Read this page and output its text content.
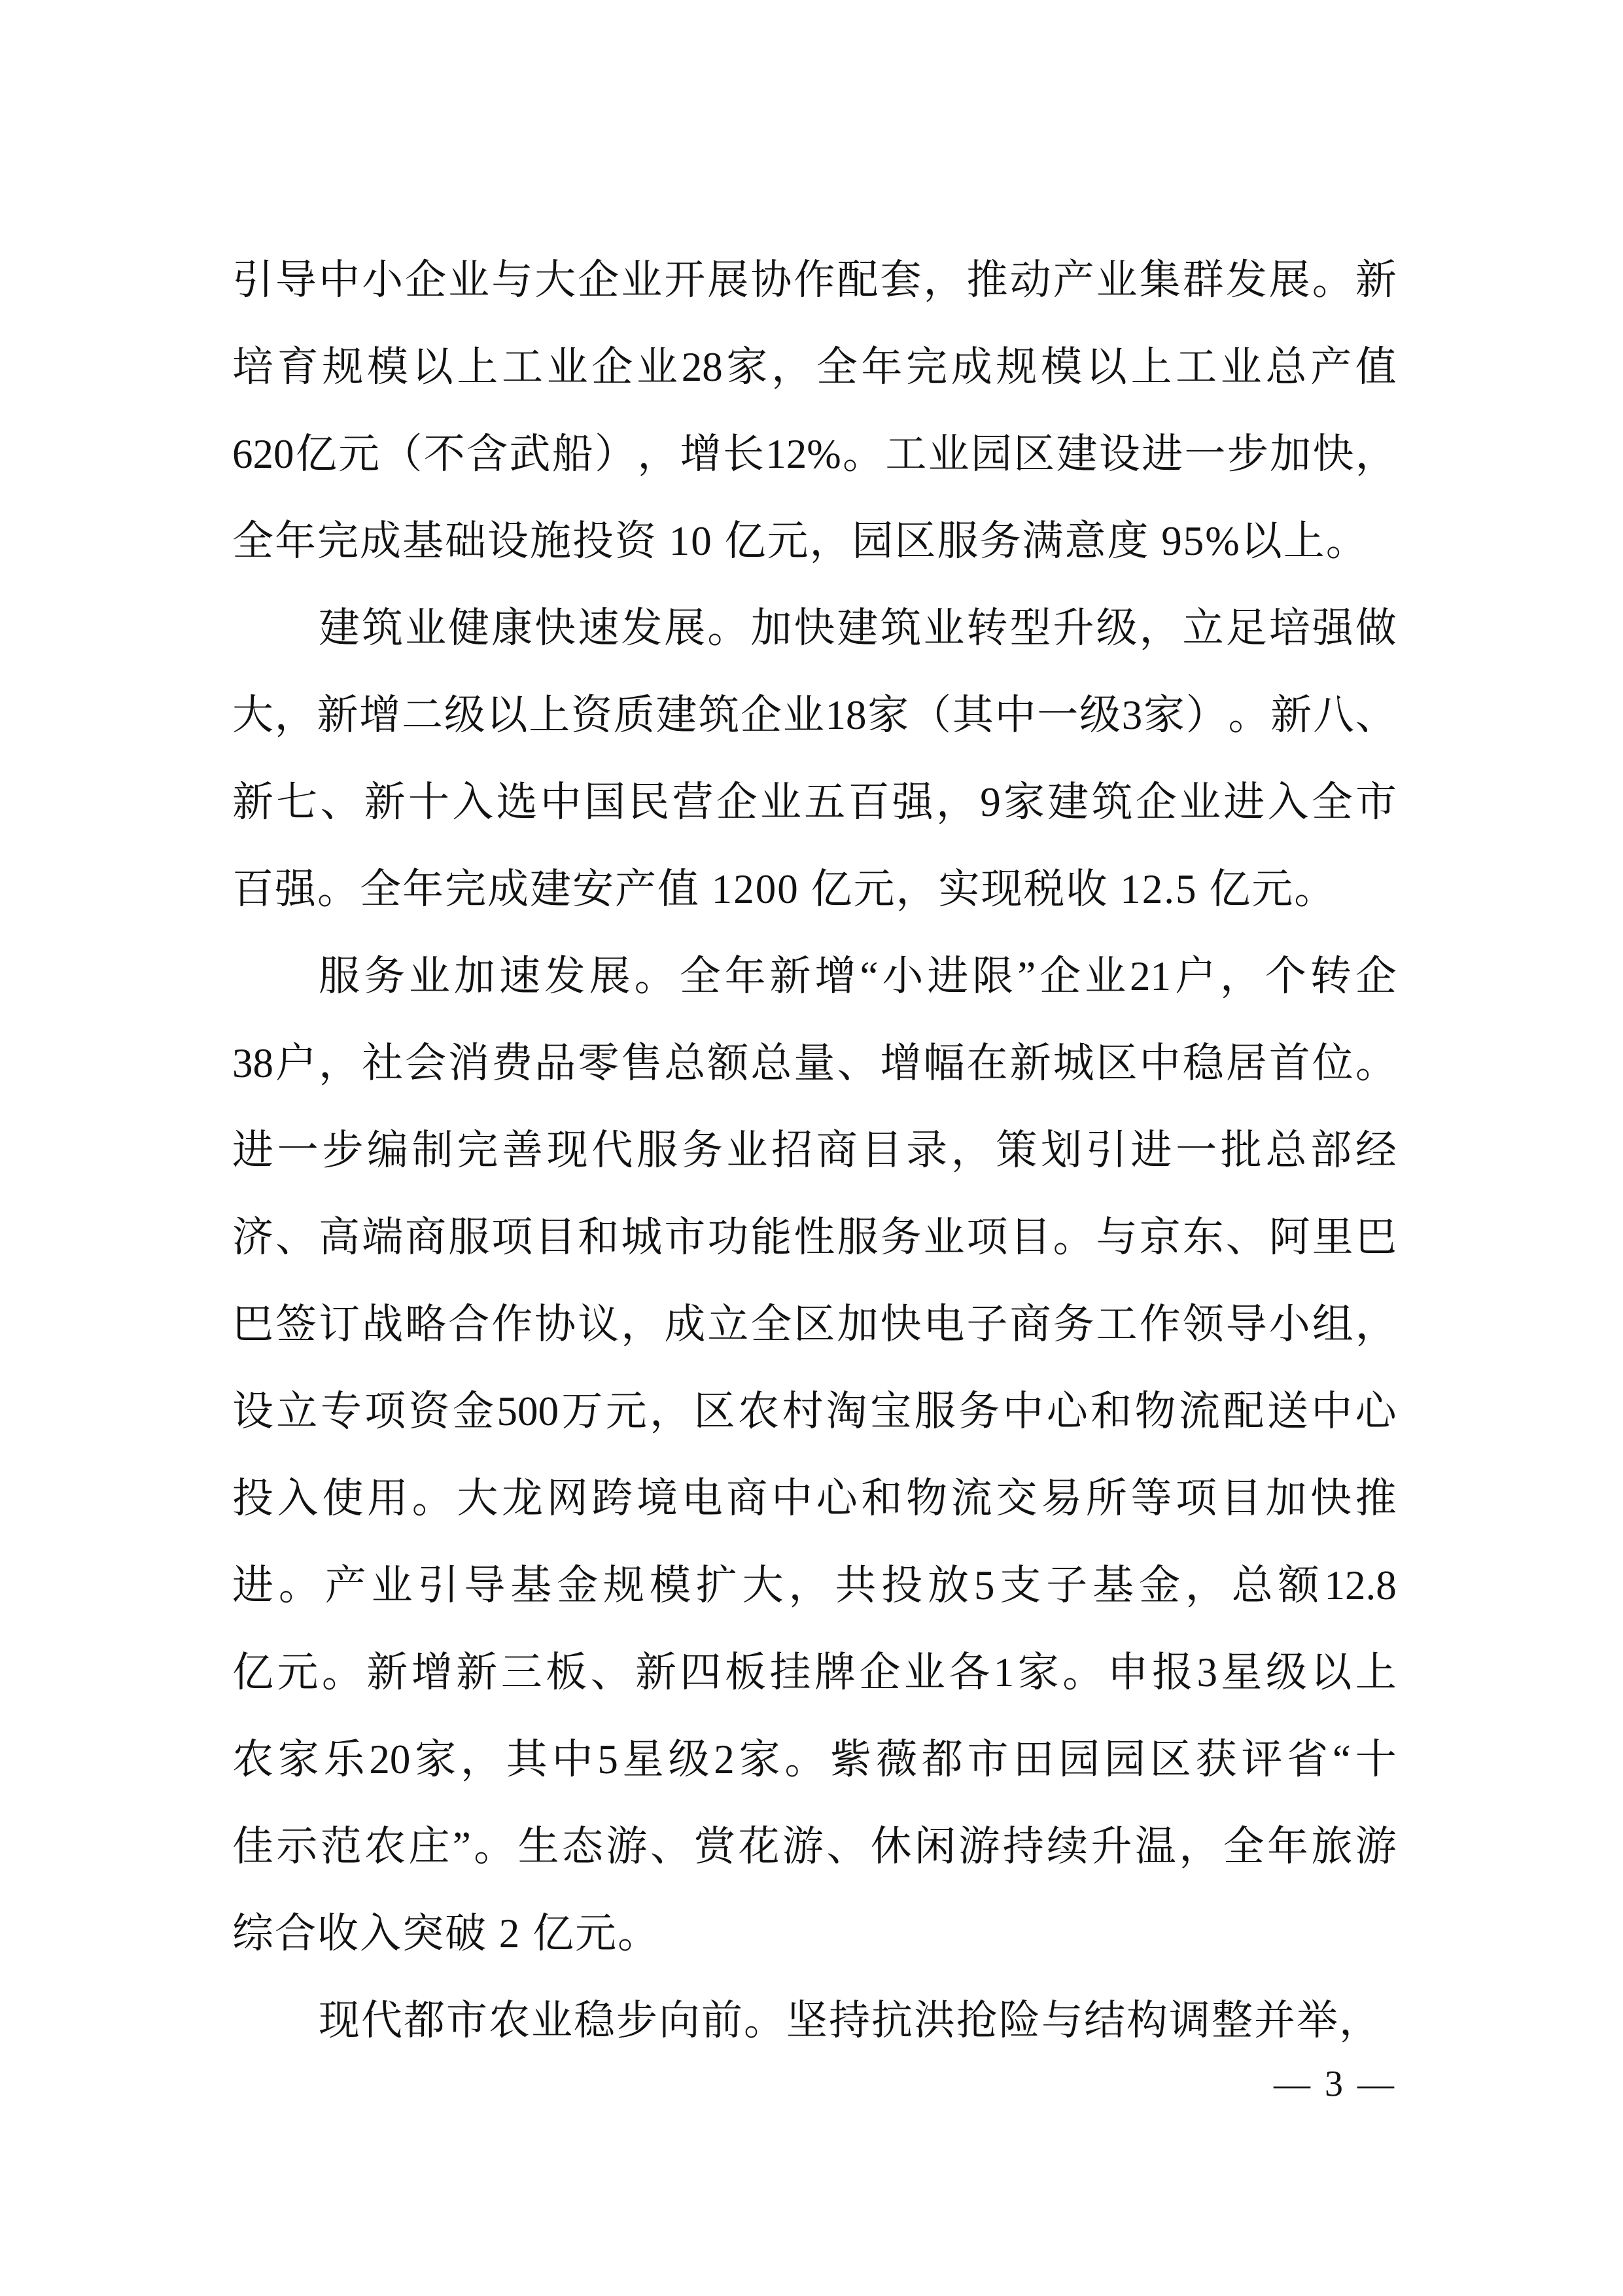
引 导 中 小 企 业 与 大 企 业 开 展 协 作 配 套 ， 推 动 产 业 集 群 发 展 。 新
培 育 规 模 以 上 工 业 企 业 28 家 ， 全 年 完 成 规 模 以 上 工 业 总 产 值
620 亿 元 （ 不 含 武 船 ） ， 增 长 12% 。 工 业 园 区 建 设 进 一 步 加 快 ，
全年完成基础设施投资 10 亿元，园区服务满意度 95%以上。
建 筑 业 健 康 快 速 发 展 。 加 快 建 筑 业 转 型 升 级 ， 立 足 培 强 做
大 ， 新 增 二 级 以 上 资 质 建 筑 企 业 18 家 （ 其 中 一 级 3 家 ） 。 新 八 、
新 七 、 新 十 入 选 中 国 民 营 企 业 五 百 强 ， 9 家 建 筑 企 业 进 入 全 市
百强。全年完成建安产值 1200 亿元，实现税收 12.5 亿元。
服 务 业 加 速 发 展 。 全 年 新 增 “ 小 进 限 ” 企 业 21 户 ， 个 转 企
38 户 ， 社 会 消 费 品 零 售 总 额 总 量 、 增 幅 在 新 城 区 中 稳 居 首 位 。
进 一 步 编 制 完 善 现 代 服 务 业 招 商 目 录 ， 策 划 引 进 一 批 总 部 经
济 、 高 端 商 服 项 目 和 城 市 功 能 性 服 务 业 项 目 。 与 京 东 、 阿 里 巴
巴 签 订 战 略 合 作 协 议 ， 成 立 全 区 加 快 电 子 商 务 工 作 领 导 小 组 ，
设 立 专 项 资 金 500 万 元 ， 区 农 村 淘 宝 服 务 中 心 和 物 流 配 送 中 心
投 入 使 用 。 大 龙 网 跨 境 电 商 中 心 和 物 流 交 易 所 等 项 目 加 快 推
进 。 产 业 引 导 基 金 规 模 扩 大 ， 共 投 放 5 支 子 基 金 ， 总 额 12.8
亿 元 。 新 增 新 三 板 、 新 四 板 挂 牌 企 业 各 1 家 。 申 报 3 星 级 以 上
农 家 乐 20 家 ， 其 中 5 星 级 2 家 。 紫 薇 都 市 田 园 园 区 获 评 省 “ 十
佳 示 范 农 庄 ” 。 生 态 游 、 赏 花 游 、 休 闲 游 持 续 升 温 ， 全 年 旅 游
综合收入突破 2 亿元。
现代都市农业稳步向前。坚持抗洪抢险与结构调整并举，
— 3 —
